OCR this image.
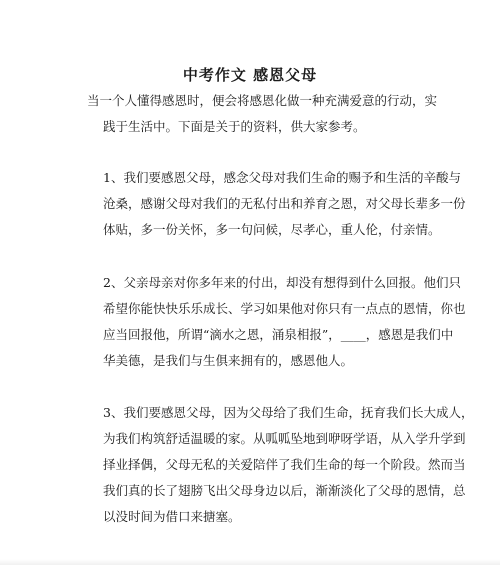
中考作文 感恩父母
当一个人懂得感恩时，便会将感恩化做一种充满爱意的行动，实
践于生活中。下面是关于的资料，供大家参考。
1、我们要感恩父母，感念父母对我们生命的赐予和生活的辛酸与
沧桑，感谢父母对我们的无私付出和养育之恩，对父母长辈多一份
体贴，多一份关怀，多一句问候，尽孝心，重人伦，付亲情。
2、父亲母亲对你多年来的付出，却没有想得到什么回报。他们只
希望你能快快乐乐成长、学习如果他对你只有一点点的恩情，你也
应当回报他，所谓“滴水之恩，涌泉相报”，____，感恩是我们中
华美德，是我们与生俱来拥有的，感恩他人。
3、我们要感恩父母，因为父母给了我们生命，抚育我们长大成人，
为我们构筑舒适温暖的家。从呱呱坠地到咿呀学语，从入学升学到
择业择偶，父母无私的关爱陪伴了我们生命的每一个阶段。然而当
我们真的长了翅膀飞出父母身边以后，渐渐淡化了父母的恩情，总
以没时间为借口来搪塞。
